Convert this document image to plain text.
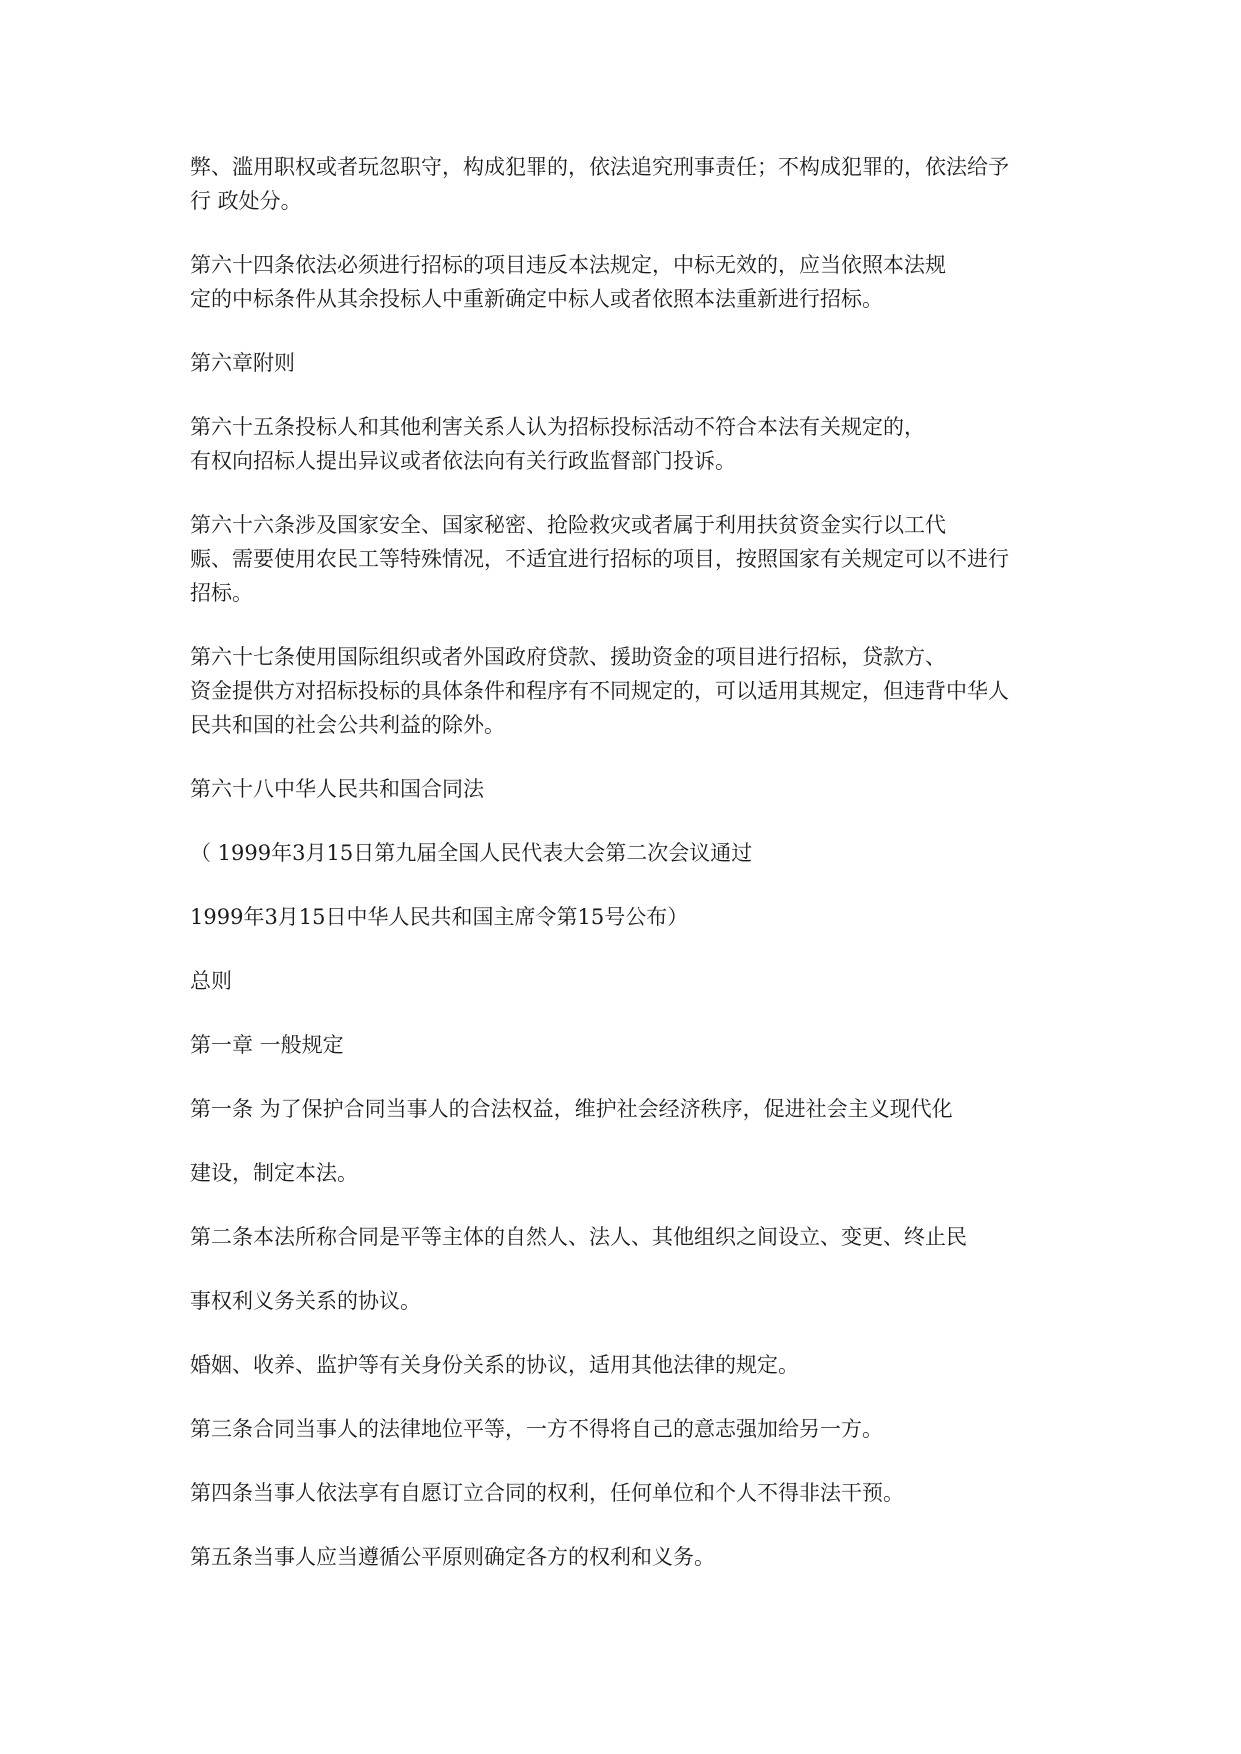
弊、滥用职权或者玩忽职守，构成犯罪的，依法追究刑事责任；不构成犯罪的，依法给予
行 政处分。

第六十四条依法必须进行招标的项目违反本法规定，中标无效的，应当依照本法规
定的中标条件从其余投标人中重新确定中标人或者依照本法重新进行招标。

第六章附则

第六十五条投标人和其他利害关系人认为招标投标活动不符合本法有关规定的，
有权向招标人提出异议或者依法向有关行政监督部门投诉。

第六十六条涉及国家安全、国家秘密、抢险救灾或者属于利用扶贫资金实行以工代
赈、需要使用农民工等特殊情况，不适宜进行招标的项目，按照国家有关规定可以不进行
招标。

第六十七条使用国际组织或者外国政府贷款、援助资金的项目进行招标，贷款方、
资金提供方对招标投标的具体条件和程序有不同规定的，可以适用其规定，但违背中华人
民共和国的社会公共利益的除外。

第六十八中华人民共和国合同法

（ 1999年3月15日第九届全国人民代表大会第二次会议通过

1999年3月15日中华人民共和国主席令第15号公布）

总则

第一章 一般规定

第一条 为了保护合同当事人的合法权益，维护社会经济秩序，促进社会主义现代化

建设，制定本法。

第二条本法所称合同是平等主体的自然人、法人、其他组织之间设立、变更、终止民

事权利义务关系的协议。

婚姻、收养、监护等有关身份关系的协议，适用其他法律的规定。

第三条合同当事人的法律地位平等，一方不得将自己的意志强加给另一方。

第四条当事人依法享有自愿订立合同的权利，任何单位和个人不得非法干预。

第五条当事人应当遵循公平原则确定各方的权利和义务。
